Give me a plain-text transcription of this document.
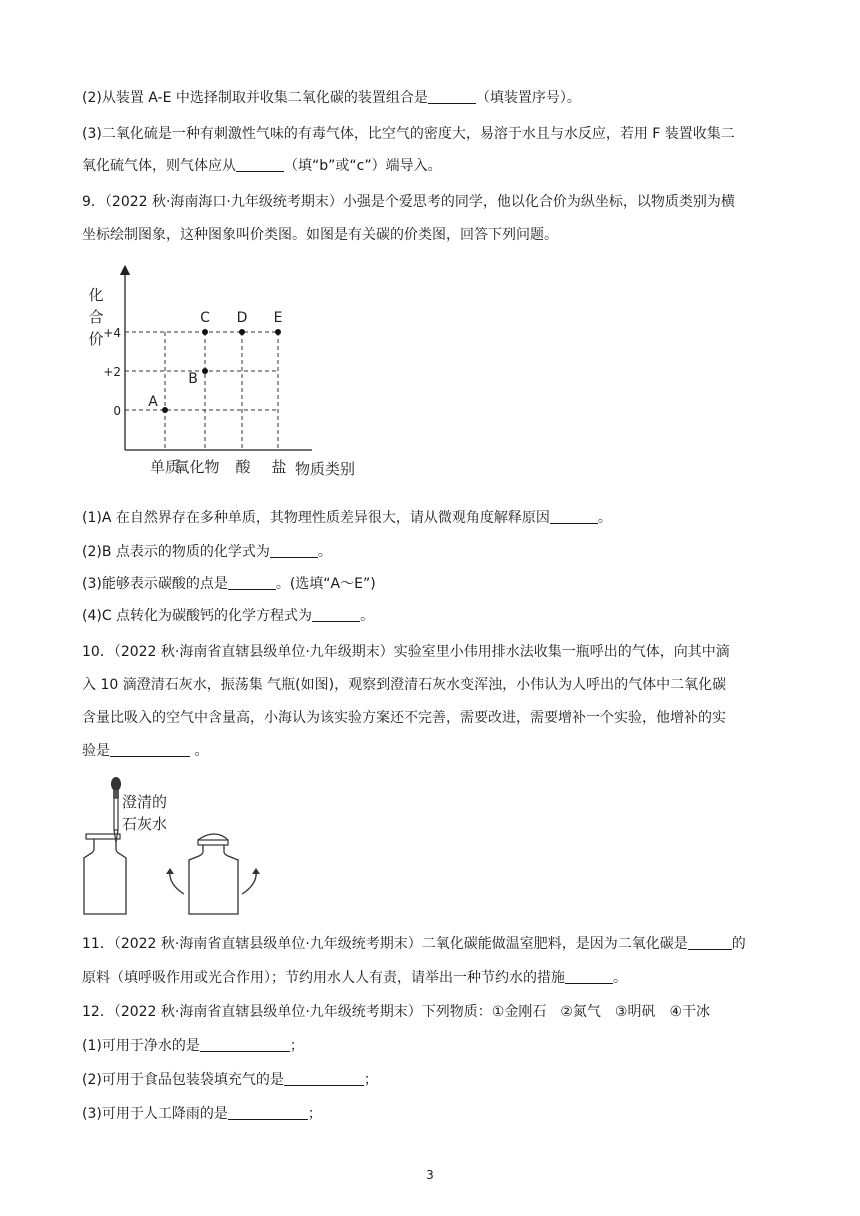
(2)从装置 A-E 中选择制取并收集二氧化碳的装置组合是	（填装置序号）。
(3)二氧化硫是一种有刺激性气味的有毒气体，比空气的密度大，易溶于水且与水反应，若用 F 装置收集二
氧化硫气体，则气体应从	（填“b”或“c”）端导入。
9．（2022 秋·海南海口·九年级统考期末）小强是个爱思考的同学，他以化合价为纵坐标，以物质类别为横
坐标绘制图象，这种图象叫价类图。如图是有关碳的价类图，回答下列问题。
化
合
价 +4
+2
0
单质
氧化物 酸 盐 物质类别
A
B
C D E
(1)A 在自然界存在多种单质，其物理性质差异很大，请从微观角度解释原因	。
(2)B 点表示的物质的化学式为	。
(3)能够表示碳酸的点是	。(选填“A～E”)
(4)C 点转化为碳酸钙的化学方程式为	。
10．（2022 秋·海南省直辖县级单位·九年级期末）实验室里小伟用排水法收集一瓶呼出的气体，向其中滴
入 10 滴澄清石灰水，振荡集 气瓶(如图)，观察到澄清石灰水变浑浊，小伟认为人呼出的气体中二氧化碳
含量比吸入的空气中含量高，小海认为该实验方案还不完善，需要改进，需要增补一个实验，他增补的实
验是	。
澄清的
石灰水
11．（2022 秋·海南省直辖县级单位·九年级统考期末）二氧化碳能做温室肥料，是因为二氧化碳是	的
原料（填呼吸作用或光合作用）；节约用水人人有责，请举出一种节约水的措施	。
12．（2022 秋·海南省直辖县级单位·九年级统考期末）下列物质：①金刚石　②氮气　③明矾　④干冰
(1)可用于净水的是	；
(2)可用于食品包装袋填充气的是	；
(3)可用于人工降雨的是	；
3
